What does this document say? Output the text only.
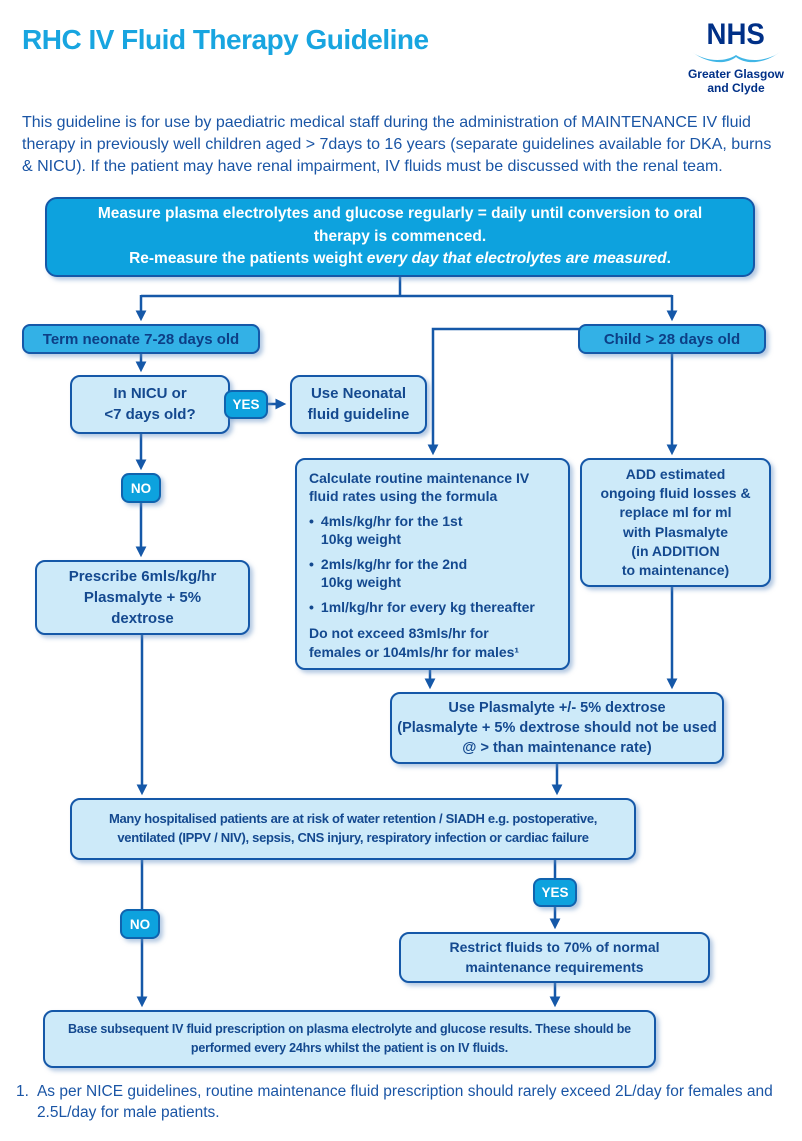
RHC IV Fluid Therapy Guideline	NHS
Greater Glasgow
and Clyde

This guideline is for use by paediatric medical staff during the administration of MAINTENANCE IV fluid therapy in previously well children aged > 7days to 16 years (separate guidelines available for DKA, burns & NICU). If the patient may have renal impairment, IV fluids must be discussed with the renal team.

Measure plasma electrolytes and glucose regularly = daily until conversion to oral
therapy is commenced.
Re-measure the patients weight every day that electrolytes are measured.
Term neonate 7-28 days old	Child > 28 days old
In NICU or
<7 days old?
YES
Use Neonatal
fluid guideline
NO
Prescribe 6mls/kg/hr
Plasmalyte + 5%
dextrose
Calculate routine maintenance IV
fluid rates using the formula
• 4mls/kg/hr for the 1st
10kg weight
• 2mls/kg/hr for the 2nd
10kg weight
• 1ml/kg/hr for every kg thereafter
Do not exceed 83mls/hr for
females or 104mls/hr for males¹
ADD estimated
ongoing fluid losses &
replace ml for ml
with Plasmalyte
(in ADDITION
to maintenance)
Use Plasmalyte +/- 5% dextrose
(Plasmalyte + 5% dextrose should not be used
@ > than maintenance rate)
Many hospitalised patients are at risk of water retention / SIADH e.g. postoperative,
ventilated (IPPV / NIV), sepsis, CNS injury, respiratory infection or cardiac failure
YES
NO
Restrict fluids to 70% of normal
maintenance requirements
Base subsequent IV fluid prescription on plasma electrolyte and glucose results. These should be
performed every 24hrs whilst the patient is on IV fluids.
1. As per NICE guidelines, routine maintenance fluid prescription should rarely exceed 2L/day for females and 2.5L/day for male patients.
